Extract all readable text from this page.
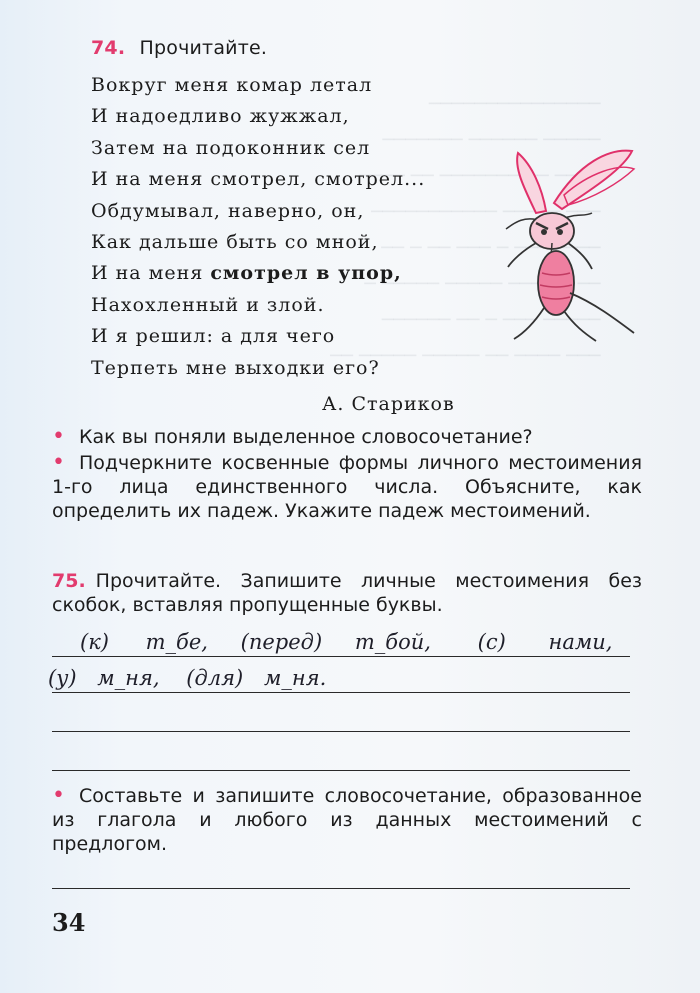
───────────────
───── ────── ───────
── ─────── ── ────
─── ───── ───────────
──── ─── ─ ─── ── ─ ──
──  ──── ───── ───── ─
───── ─── ─ ── ──────
─── ──── ── ───── ───── ──
74. Прочитайте.
Вокруг меня комар летал
И надоедливо жужжал,
Затем на подоконник сел
И на меня смотрел, смотрел...
Обдумывал, наверно, он,
Как дальше быть со мной,
И на меня смотрел в упор,
Нахохленный и злой.
И я решил: а для чего
Терпеть мне выходки его?
А. Стариков
• Как вы поняли выделенное словосочетание?
• Подчеркните косвенные формы личного местоимения 1-го лица единственного числа. Объясните, как определить их падеж. Укажите падеж местоимений.
75. Прочитайте. Запишите личные местоимения без скобок, вставляя пропущенные буквы.
(к) т_бе, (перед) т_бой, (с) нами,
(у) м_ня, (для) м_ня.
• Составьте и запишите словосочетание, образованное из глагола и любого из данных местоимений с предлогом.
34
